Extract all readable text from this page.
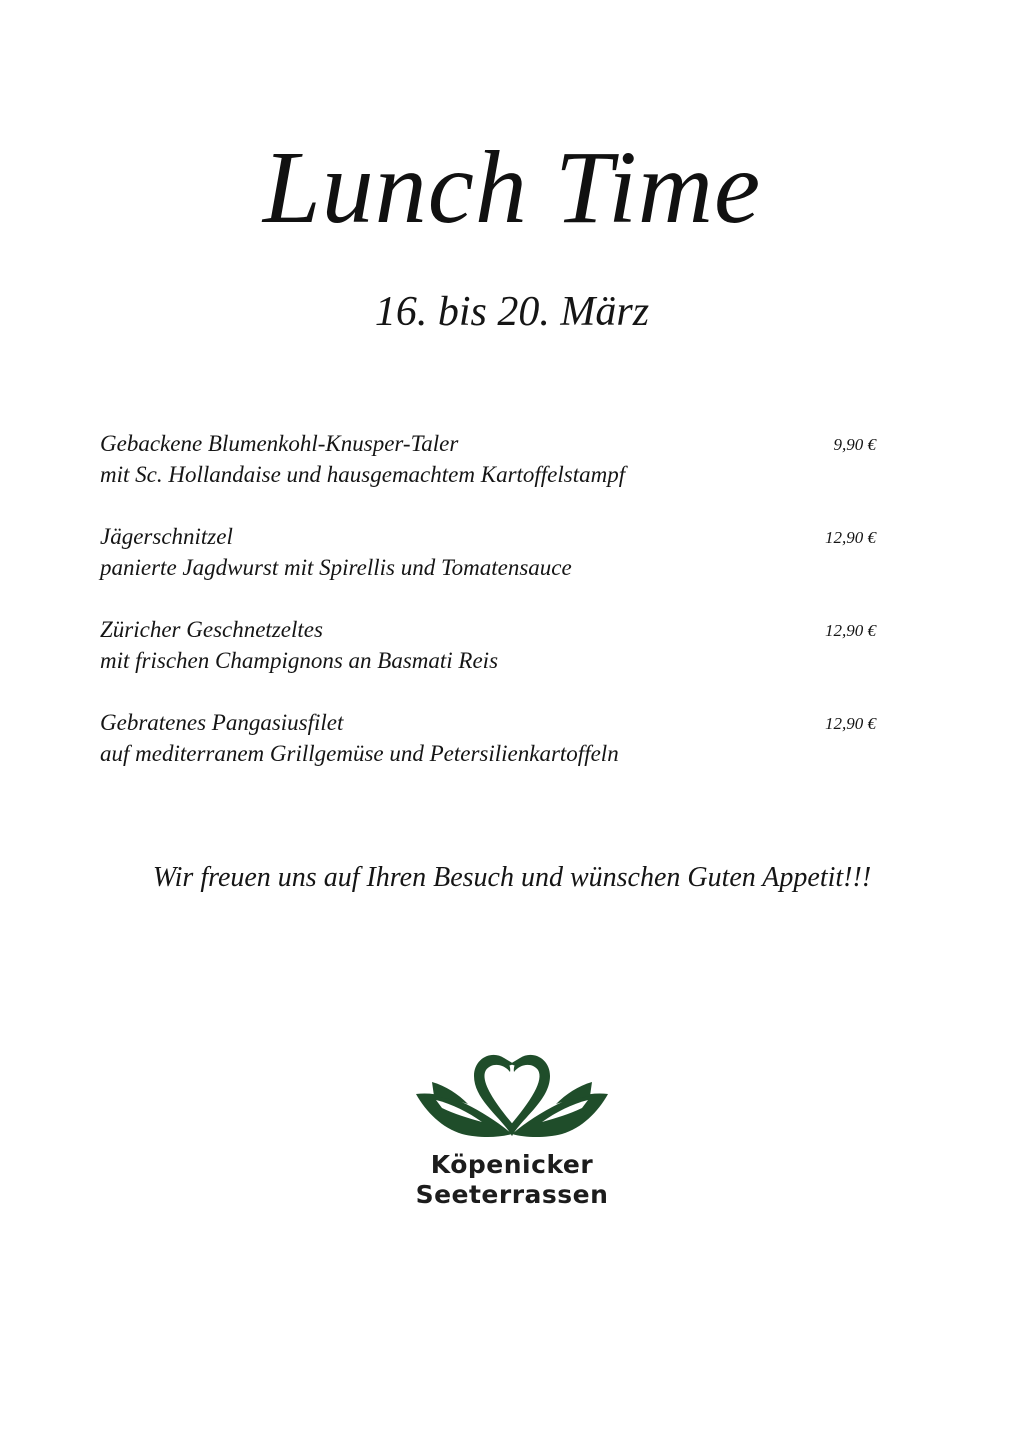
Lunch Time
16. bis 20. März
Gebackene Blumenkohl-Knusper-Taler
mit Sc. Hollandaise und hausgemachtem Kartoffelstampf
9,90 €
Jägerschnitzel
panierte Jagdwurst mit Spirellis und Tomatensauce
12,90 €
Züricher Geschnetzeltes
mit frischen Champignons an Basmati Reis
12,90 €
Gebratenes Pangasiusfilet
auf mediterranem Grillgemüse und Petersilienkartoffeln
12,90 €
Wir freuen uns auf Ihren Besuch und wünschen Guten Appetit!!!
Köpenicker
Seeterrassen
